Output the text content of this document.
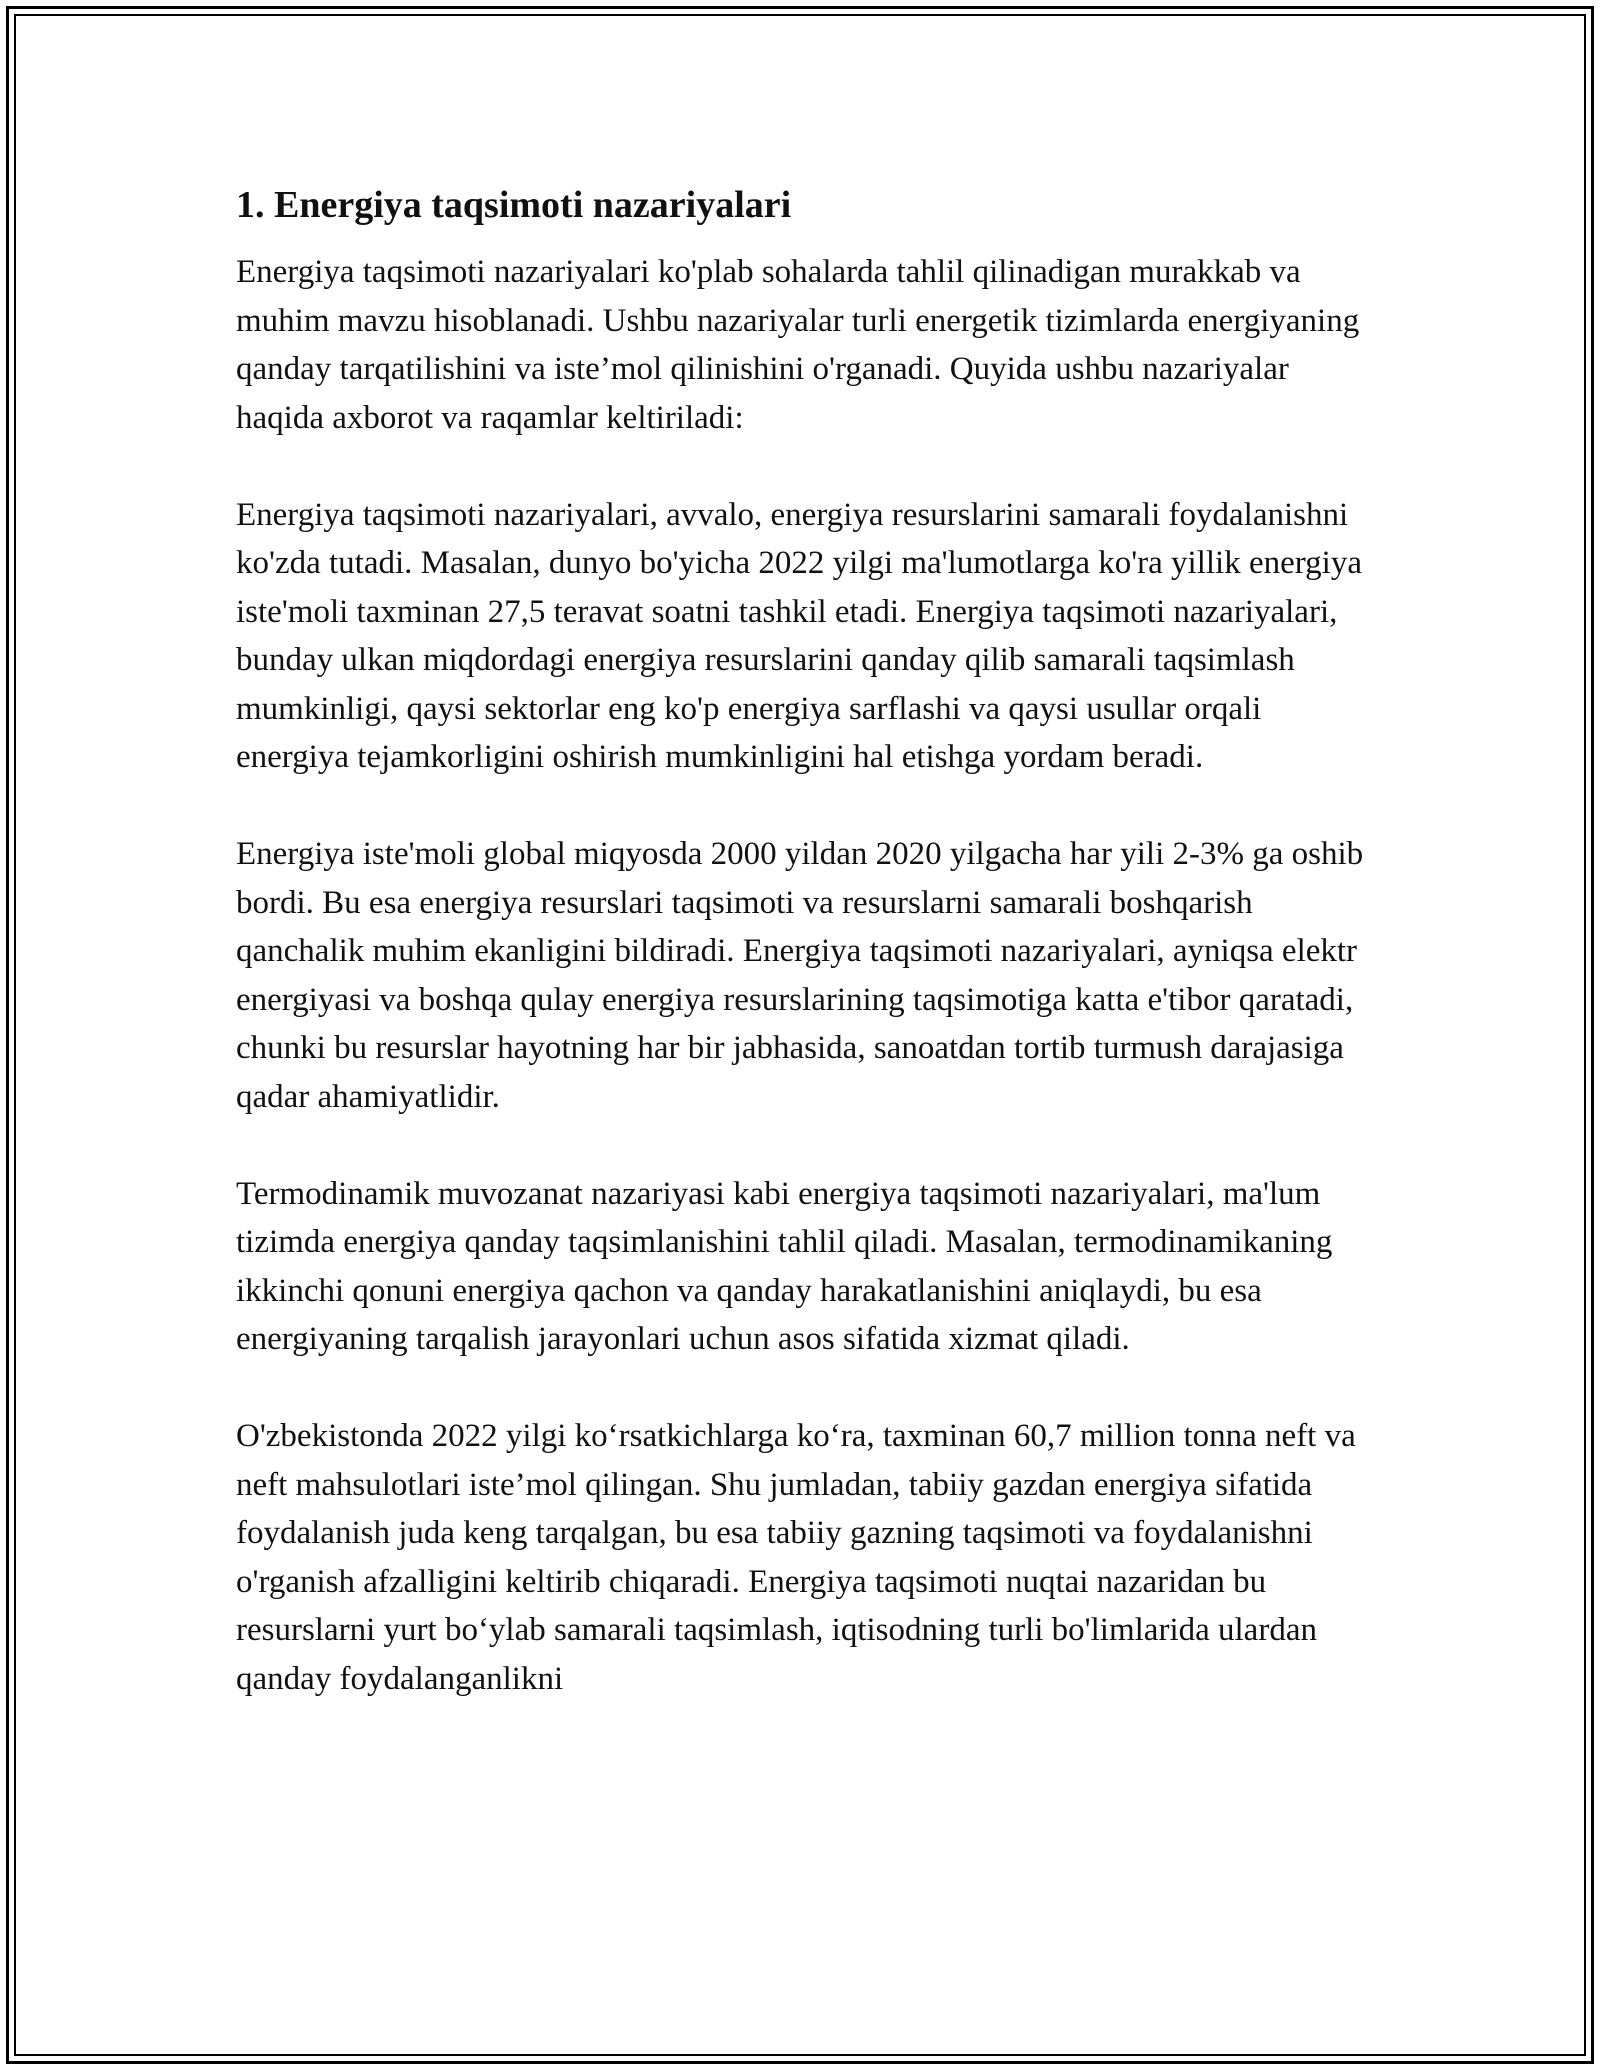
1. Energiya taqsimoti nazariyalari

Energiya taqsimoti nazariyalari ko'plab sohalarda tahlil qilinadigan murakkab va muhim mavzu hisoblanadi. Ushbu nazariyalar turli energetik tizimlarda energiyaning qanday tarqatilishini va iste’mol qilinishini o'rganadi. Quyida ushbu nazariyalar haqida axborot va raqamlar keltiriladi:

Energiya taqsimoti nazariyalari, avvalo, energiya resurslarini samarali foydalanishni ko'zda tutadi. Masalan, dunyo bo'yicha 2022 yilgi ma'lumotlarga ko'ra yillik energiya iste'moli taxminan 27,5 teravat soatni tashkil etadi. Energiya taqsimoti nazariyalari, bunday ulkan miqdordagi energiya resurslarini qanday qilib samarali taqsimlash mumkinligi, qaysi sektorlar eng ko'p energiya sarflashi va qaysi usullar orqali energiya tejamkorligini oshirish mumkinligini hal etishga yordam beradi.

Energiya iste'moli global miqyosda 2000 yildan 2020 yilgacha har yili 2-3% ga oshib bordi. Bu esa energiya resurslari taqsimoti va resurslarni samarali boshqarish qanchalik muhim ekanligini bildiradi. Energiya taqsimoti nazariyalari, ayniqsa elektr energiyasi va boshqa qulay energiya resurslarining taqsimotiga katta e'tibor qaratadi, chunki bu resurslar hayotning har bir jabhasida, sanoatdan tortib turmush darajasiga qadar ahamiyatlidir.

Termodinamik muvozanat nazariyasi kabi energiya taqsimoti nazariyalari, ma'lum tizimda energiya qanday taqsimlanishini tahlil qiladi. Masalan, termodinamikaning ikkinchi qonuni energiya qachon va qanday harakatlanishini aniqlaydi, bu esa energiyaning tarqalish jarayonlari uchun asos sifatida xizmat qiladi.

O'zbekistonda 2022 yilgi ko‘rsatkichlarga ko‘ra, taxminan 60,7 million tonna neft va neft mahsulotlari iste’mol qilingan. Shu jumladan, tabiiy gazdan energiya sifatida foydalanish juda keng tarqalgan, bu esa tabiiy gazning taqsimoti va foydalanishni o'rganish afzalligini keltirib chiqaradi. Energiya taqsimoti nuqtai nazaridan bu resurslarni yurt bo‘ylab samarali taqsimlash, iqtisodning turli bo'limlarida ulardan qanday foydalanganlikni
